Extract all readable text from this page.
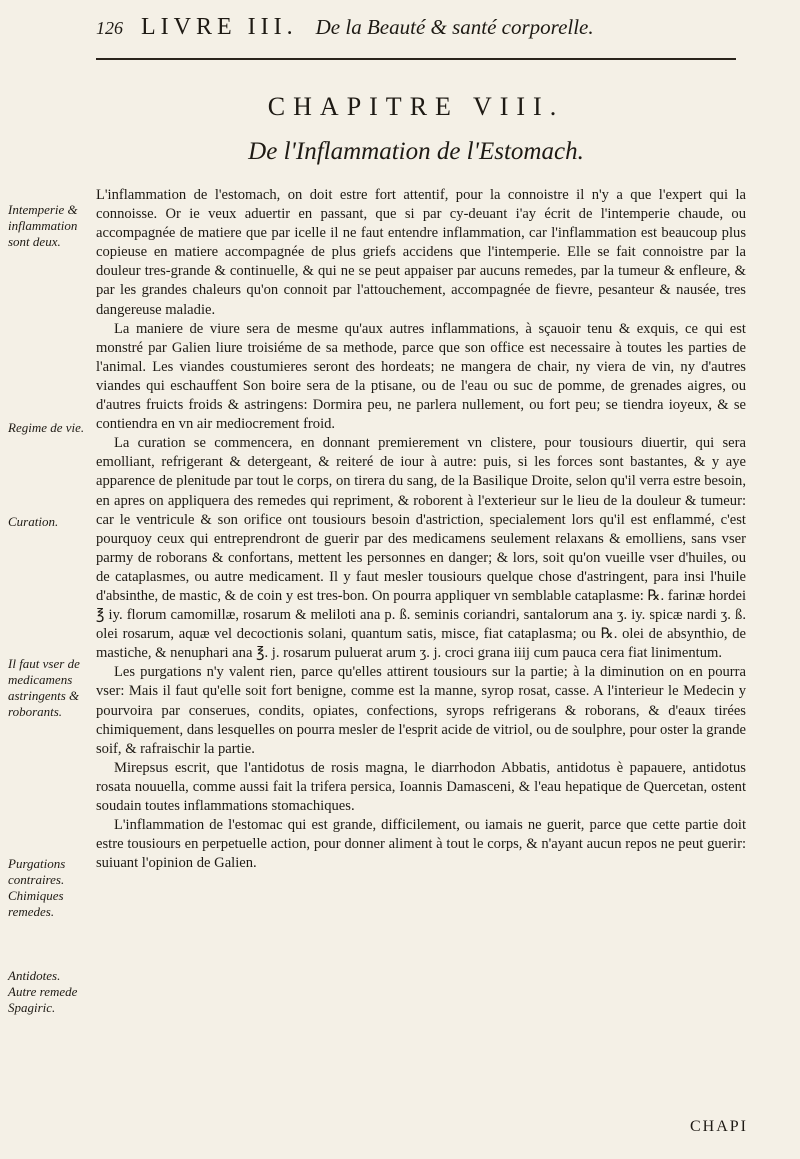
126 LIVRE III. De la Beauté & santé corporelle.
CHAPITRE VIII.
De l'Inflammation de l'Estomach.
Intemperie & inflammation sont deux.
Regime de vie.
Curation.
Il faut vser de medicamens astringents & roborants.
Purgations contraires. Chimiques remedes.
Antidotes. Autre remede Spagiric.

L'inflammation de l'estomach, on doit estre fort attentif, pour la connoistre il n'y a que l'expert qui la connoisse. Or ie veux aduertir en passant, que si par cy-deuant i'ay écrit de l'intemperie chaude, ou accompagnée de matiere que par icelle il ne faut entendre inflammation, car l'inflammation est beaucoup plus copieuse en matiere accompagnée de plus griefs accidens que l'intemperie. Elle se fait connoistre par la douleur tres-grande & continuelle, & qui ne se peut appaiser par aucuns remedes, par la tumeur & enfleure, & par les grandes chaleurs qu'on connoit par l'attouchement, accompagnée de fievre, pesanteur & nausée, tres dangereuse maladie.

La maniere de viure sera de mesme qu'aux autres inflammations, à sçauoir tenu & exquis, ce qui est monstré par Galien liure troisiéme de sa methode, parce que son office est necessaire à toutes les parties de l'animal. Les viandes coustumieres seront des hordeats; ne mangera de chair, ny viera de vin, ny d'autres viandes qui eschauffent Son boire sera de la ptisane, ou de l'eau ou suc de pomme, de grenades aigres, ou d'autres fruicts froids & astringens: Dormira peu, ne parlera nullement, ou fort peu; se tiendra ioyeux, & se contiendra en vn air mediocrement froid.

La curation se commencera, en donnant premierement vn clistere, pour tousiours diuertir, qui sera emolliant, refrigerant & detergeant, & reiteré de iour à autre: puis, si les forces sont bastantes, & y aye apparence de plenitude par tout le corps, on tirera du sang, de la Basilique Droite, selon qu'il verra estre besoin, en apres on appliquera des remedes qui repriment, & roborent à l'exterieur sur le lieu de la douleur & tumeur: car le ventricule & son orifice ont tousiours besoin d'astriction, specialement lors qu'il est enflammé, c'est pourquoy ceux qui entreprendront de guerir par des medicamens seulement relaxans & emolliens, sans vser parmy de roborans & confortans, mettent les personnes en danger; & lors, soit qu'on vueille vser d'huiles, ou de cataplasmes, ou autre medicament. Il y faut mesler tousiours quelque chose d'astringent, para insi l'huile d'absinthe, de mastic, & de coin y est tres-bon. On pourra appliquer vn semblable cataplasme: ℞. farinæ hordei ℥ iy. florum camomillæ, rosarum & meliloti ana p. ß. seminis coriandri, santalorum ana ʒ. iy. spicæ nardi ʒ. ß. olei rosarum, aquæ vel decoctionis solani, quantum satis, misce, fiat cataplasma; ou ℞. olei de absynthio, de mastiche, & nenuphari ana ℥. j. rosarum puluerat arum ʒ. j. croci grana iiij cum pauca cera fiat linimentum.

Les purgations n'y valent rien, parce qu'elles attirent tousiours sur la partie; à la diminution on en pourra vser: Mais il faut qu'elle soit fort benigne, comme est la manne, syrop rosat, casse. A l'interieur le Medecin y pourvoira par conserues, condits, opiates, confections, syrops refrigerans & roborans, & d'eaux tirées chimiquement, dans lesquelles on pourra mesler de l'esprit acide de vitriol, ou de soulphre, pour oster la grande soif, & rafraischir la partie.

Mirepsus escrit, que l'antidotus de rosis magna, le diarrhodon Abbatis, antidotus è papauere, antidotus rosata nouuella, comme aussi fait la trifera persica, Ioannis Damasceni, & l'eau hepatique de Quercetan, ostent soudain toutes inflammations stomachiques.

L'inflammation de l'estomac qui est grande, difficilement, ou iamais ne guerit, parce que cette partie doit estre tousiours en perpetuelle action, pour donner aliment à tout le corps, & n'ayant aucun repos ne peut guerir: suiuant l'opinion de Galien.

CHAPI
